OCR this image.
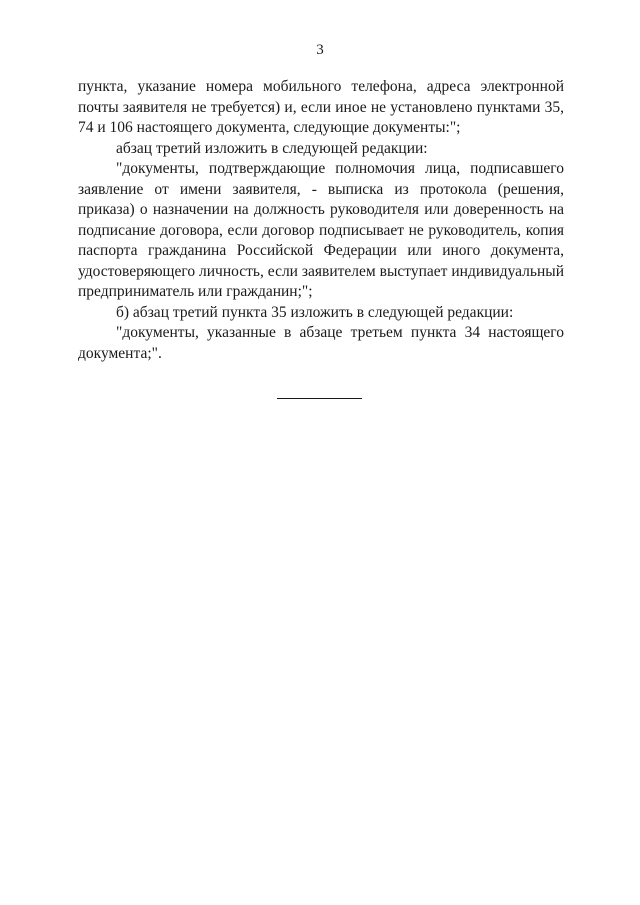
3

пункта, указание номера мобильного телефона, адреса электронной почты заявителя не требуется) и, если иное не установлено пунктами 35, 74 и 106 настоящего документа, следующие документы:";

абзац третий изложить в следующей редакции:

"документы, подтверждающие полномочия лица, подписавшего заявление от имени заявителя, - выписка из протокола (решения, приказа) о назначении на должность руководителя или доверенность на подписание договора, если договор подписывает не руководитель, копия паспорта гражданина Российской Федерации или иного документа, удостоверяющего личность, если заявителем выступает индивидуальный предприниматель или гражданин;";

б) абзац третий пункта 35 изложить в следующей редакции:

"документы, указанные в абзаце третьем пункта 34 настоящего документа;".
